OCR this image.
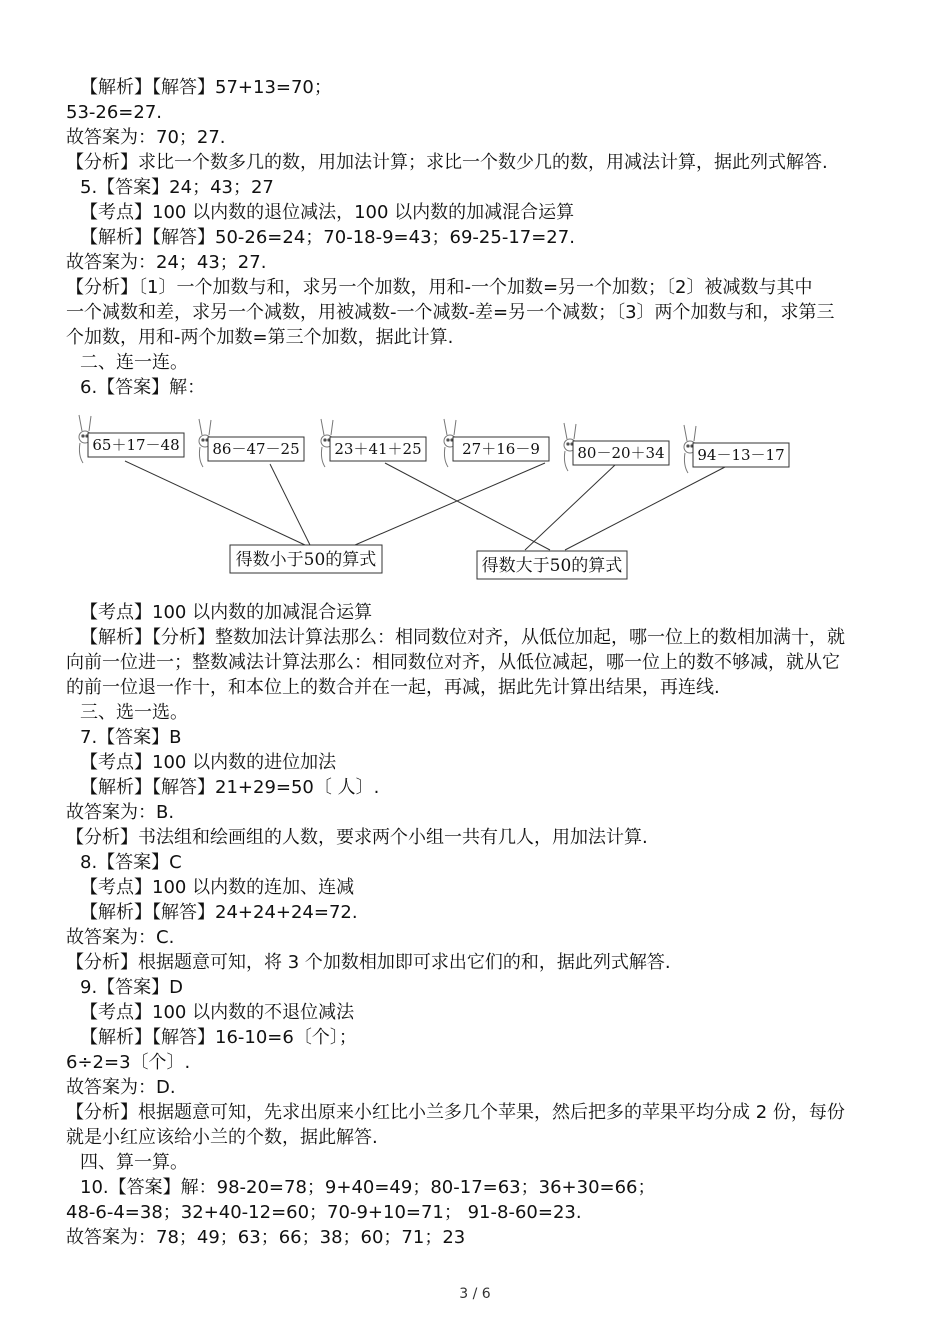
【解析】【解答】57+13=70；
53-26=27.
故答案为：70；27.
【分析】求比一个数多几的数，用加法计算；求比一个数少几的数，用减法计算，据此列式解答.
5.【答案】24；43；27
【考点】100 以内数的退位减法，100 以内数的加减混合运算
【解析】【解答】50-26=24；70-18-9=43；69-25-17=27.
故答案为：24；43；27.
【分析】〔1〕一个加数与和，求另一个加数，用和-一个加数=另一个加数；〔2〕被减数与其中
一个减数和差，求另一个减数，用被减数-一个减数-差=另一个减数；〔3〕两个加数与和，求第三
个加数，用和-两个加数=第三个加数，据此计算.
二、连一连。
6.【答案】解：
65＋17－48 86－47－25 23＋41＋25	27＋16－9	80－20＋34 94－13－17
得数小于50的算式	得数大于50的算式
【考点】100 以内数的加减混合运算
【解析】【分析】整数加法计算法那么：相同数位对齐，从低位加起，哪一位上的数相加满十，就
向前一位进一；整数减法计算法那么：相同数位对齐，从低位减起，哪一位上的数不够减，就从它
的前一位退一作十，和本位上的数合并在一起，再减，据此先计算出结果，再连线.
三、选一选。
7.【答案】B
【考点】100 以内数的进位加法
【解析】【解答】21+29=50〔 人〕.
故答案为：B.
【分析】书法组和绘画组的人数，要求两个小组一共有几人，用加法计算.
8.【答案】C
【考点】100 以内数的连加、连减
【解析】【解答】24+24+24=72.
故答案为：C.
【分析】根据题意可知，将 3 个加数相加即可求出它们的和，据此列式解答.
9.【答案】D
【考点】100 以内数的不退位减法
【解析】【解答】16-10=6〔个〕；
6÷2=3〔个〕.
故答案为：D.
【分析】根据题意可知，先求出原来小红比小兰多几个苹果，然后把多的苹果平均分成 2 份，每份
就是小红应该给小兰的个数，据此解答.
四、算一算。
10.【答案】解：98-20=78；9+40=49；80-17=63；36+30=66；
48-6-4=38；32+40-12=60；70-9+10=71； 91-8-60=23.
故答案为：78；49；63；66；38；60；71；23
3 / 6
